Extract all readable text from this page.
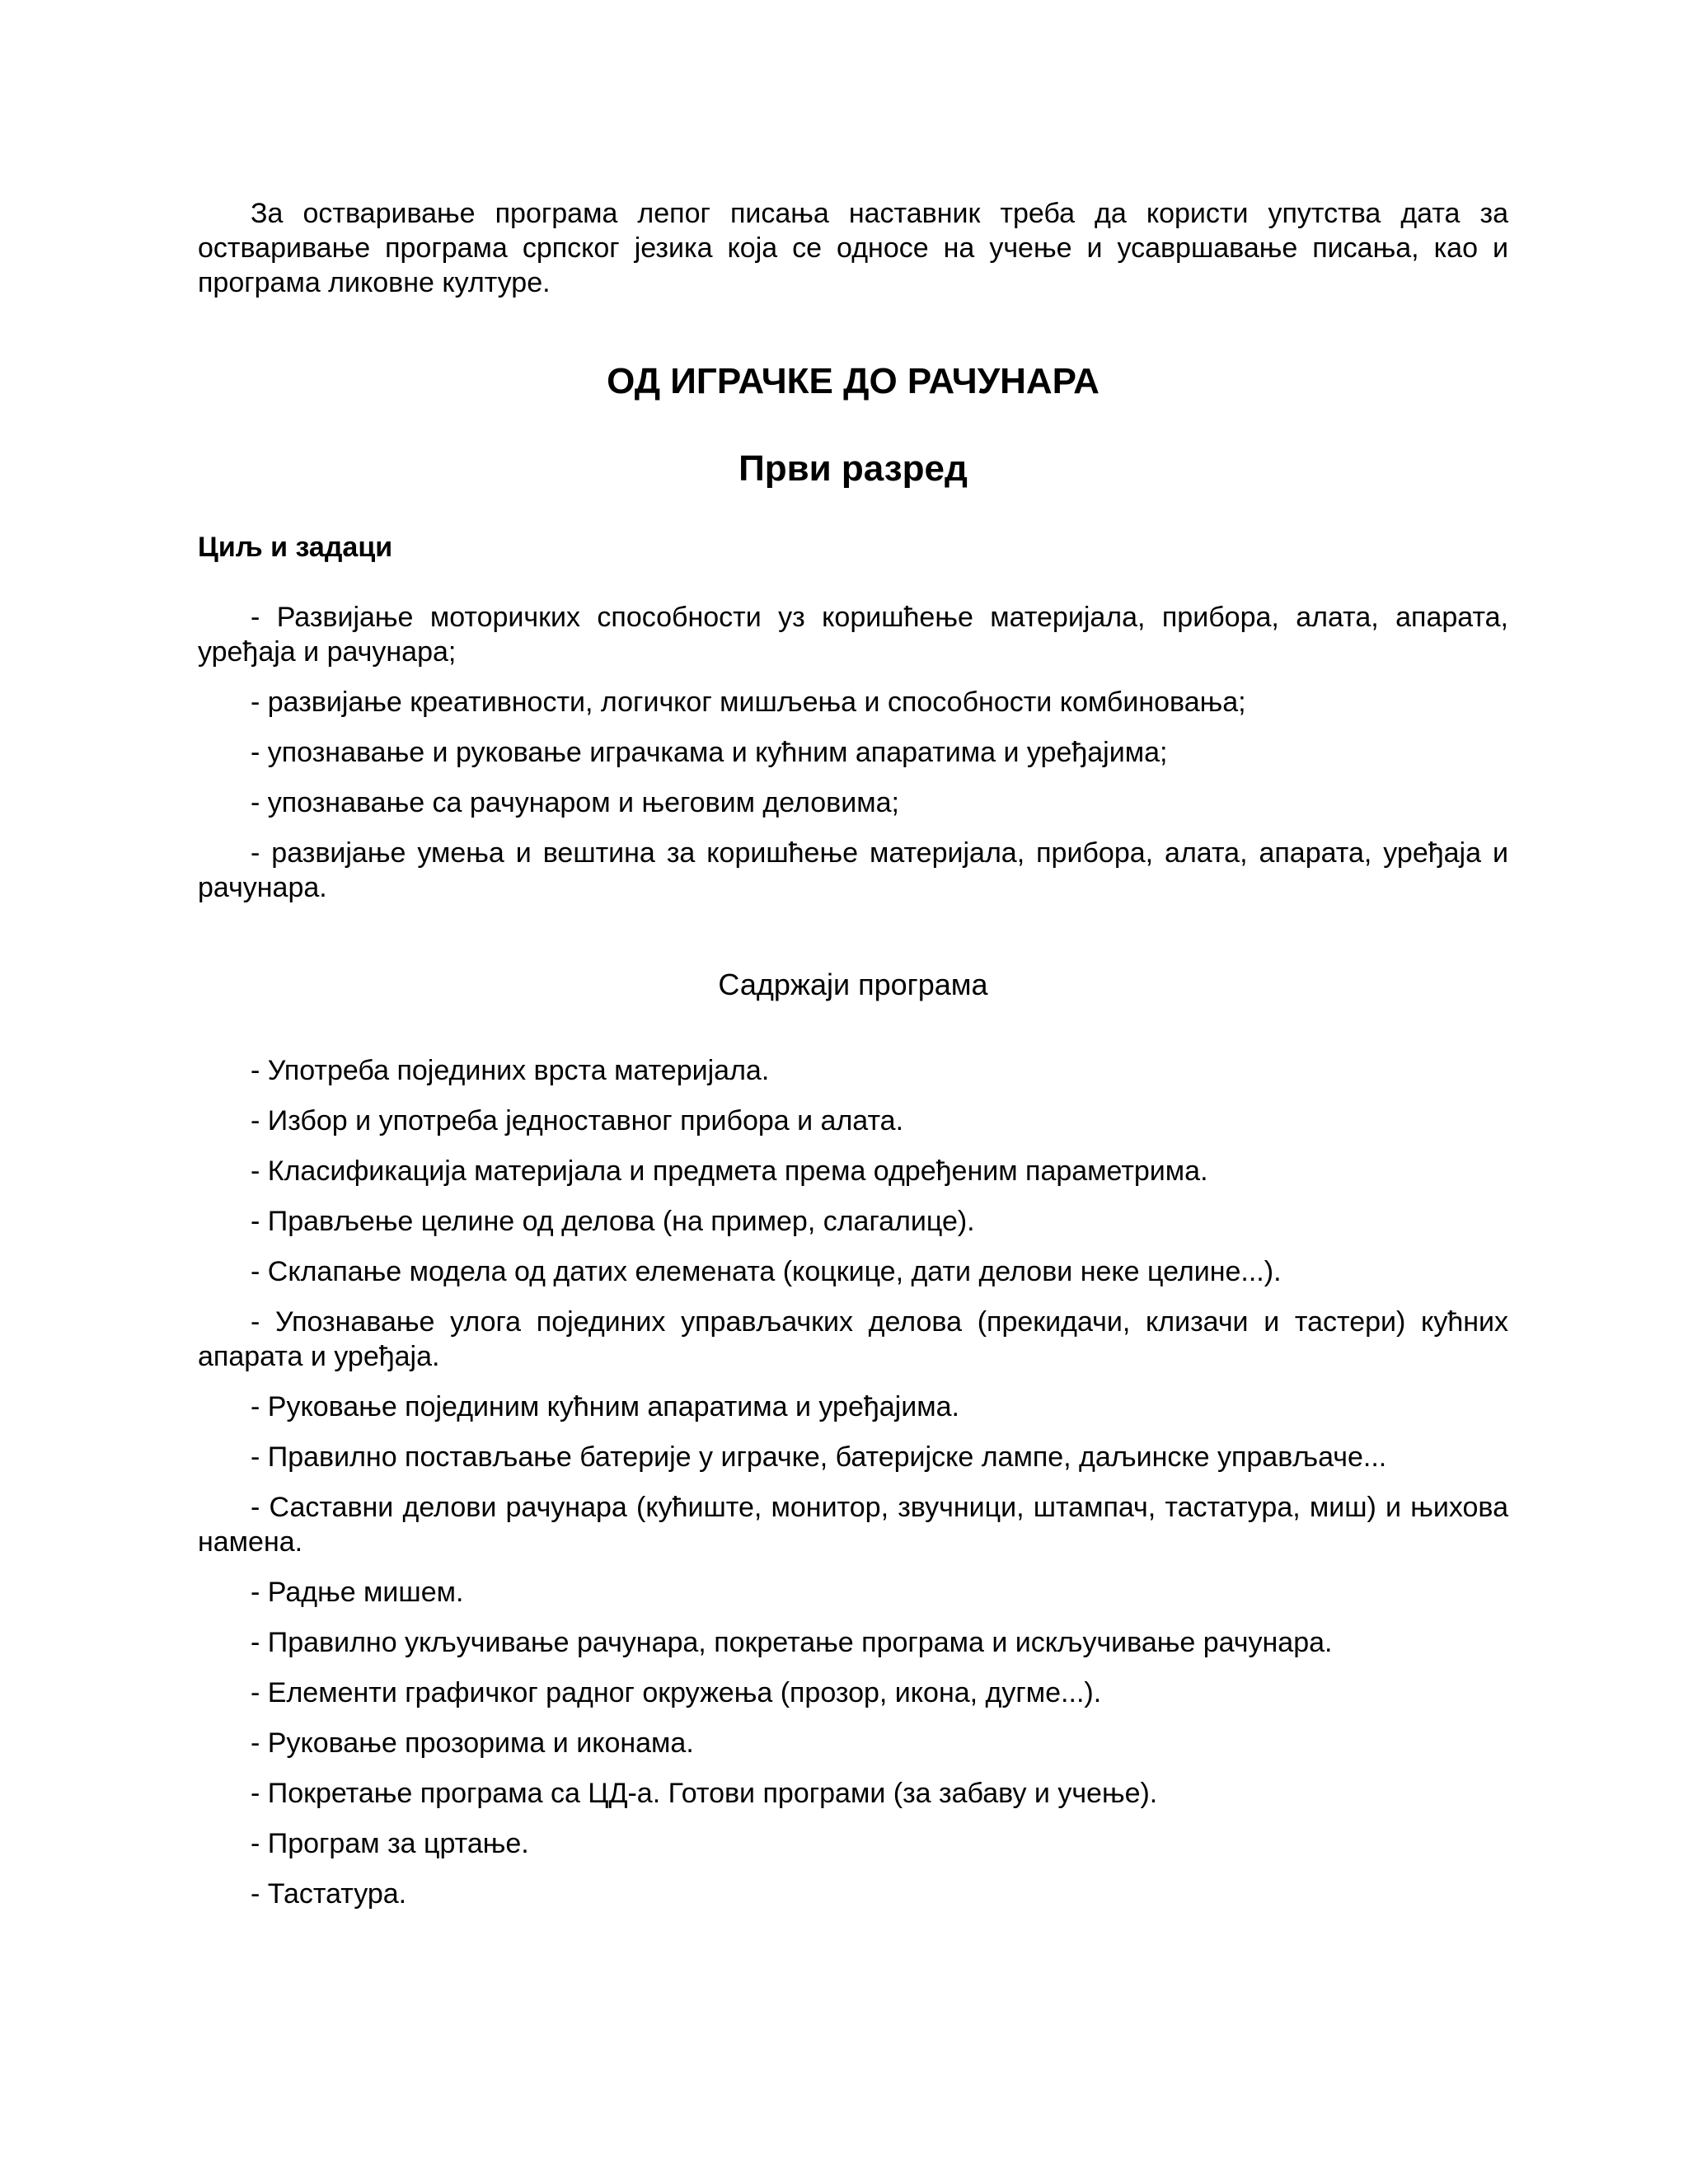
За остваривање програма лепог писања наставник треба да користи упутства дата за остваривање програма српског језика која се односе на учење и усавршавање писања, као и програма ликовне културе.

ОД ИГРАЧКЕ ДО РАЧУНАРА
Први разред

Циљ и задаци

- Развијање моторичких способности уз коришћење материјала, прибора, алата, апарата, уређаја и рачунара;

- развијање креативности, логичког мишљења и способности комбиновања;

- упознавање и руковање играчкама и кућним апаратима и уређајима;

- упознавање са рачунаром и његовим деловима;

- развијање умења и вештина за коришћење материјала, прибора, алата, апарата, уређаја и рачунара.

Садржаји програма

- Употреба појединих врста материјала.

- Избор и употреба једноставног прибора и алата.

- Класификација материјала и предмета према одређеним параметрима.

- Прављење целине од делова (на пример, слагалице).

- Склапање модела од датих елемената (коцкице, дати делови неке целине...).

- Упознавање улога појединих управљачких делова (прекидачи, клизачи и тастери) кућних апарата и уређаја.

- Руковање појединим кућним апаратима и уређајима.

- Правилно постављање батерије у играчке, батеријске лампе, даљинске управљаче...

- Саставни делови рачунара (кућиште, монитор, звучници, штампач, тастатура, миш) и њихова намена.

- Радње мишем.

- Правилно укључивање рачунара, покретање програма и искључивање рачунара.

- Елементи графичког радног окружења (прозор, икона, дугме...).

- Руковање прозорима и иконама.

- Покретање програма са ЦД-а. Готови програми (за забаву и учење).

- Програм за цртање.

- Тастатура.
